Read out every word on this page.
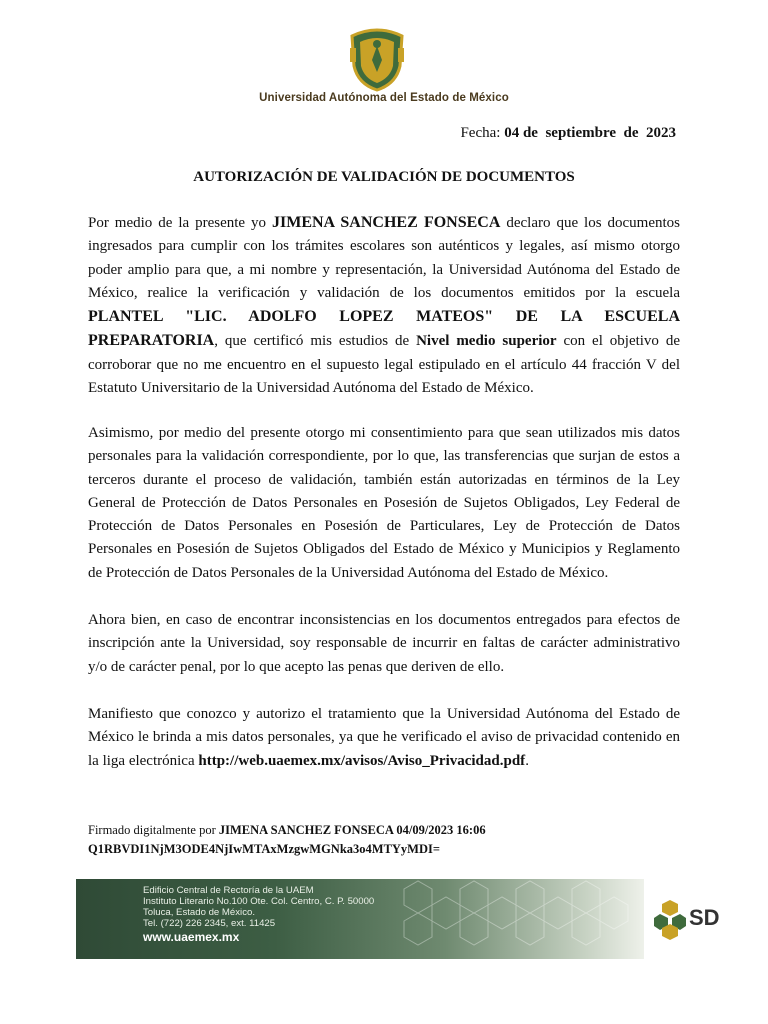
Universidad Autónoma del Estado de México
Fecha: 04 de  septiembre  de  2023
AUTORIZACIÓN DE VALIDACIÓN DE DOCUMENTOS

Por medio de la presente yo JIMENA SANCHEZ FONSECA declaro que los documentos ingresados para cumplir con los trámites escolares son auténticos y legales, así mismo otorgo poder amplio para que, a mi nombre y representación, la Universidad Autónoma del Estado de México, realice la verificación y validación de los documentos emitidos por la escuela PLANTEL "LIC. ADOLFO LOPEZ MATEOS" DE LA ESCUELA PREPARATORIA, que certificó mis estudios de Nivel medio superior con el objetivo de corroborar que no me encuentro en el supuesto legal estipulado en el artículo 44 fracción V del Estatuto Universitario de la Universidad Autónoma del Estado de México.

Asimismo, por medio del presente otorgo mi consentimiento para que sean utilizados mis datos personales para la validación correspondiente, por lo que, las transferencias que surjan de estos a terceros durante el proceso de validación, también están autorizadas en términos de la Ley General de Protección de Datos Personales en Posesión de Sujetos Obligados, Ley Federal de Protección de Datos Personales en Posesión de Particulares, Ley de Protección de Datos Personales en Posesión de Sujetos Obligados del Estado de México y Municipios y Reglamento de Protección de Datos Personales de la Universidad Autónoma del Estado de México.

Ahora bien, en caso de encontrar inconsistencias en los documentos entregados para efectos de inscripción ante la Universidad, soy responsable de incurrir en faltas de carácter administrativo y/o de carácter penal, por lo que acepto las penas que deriven de ello.

Manifiesto que conozco y autorizo el tratamiento que la Universidad Autónoma del Estado de México le brinda a mis datos personales, ya que he verificado el aviso de privacidad contenido en la liga electrónica http://web.uaemex.mx/avisos/Aviso_Privacidad.pdf.

Firmado digitalmente por JIMENA SANCHEZ FONSECA 04/09/2023 16:06
Q1RBVDI1NjM3ODE4NjIwMTAxMzgwMGNka3o4MTYyMDI=
Edificio Central de Rectoría de la UAEM
Instituto Literario No.100 Ote. Col. Centro, C. P. 50000
Toluca, Estado de México.
Tel. (722) 226 2345, ext. 11425
www.uaemex.mx
SD
